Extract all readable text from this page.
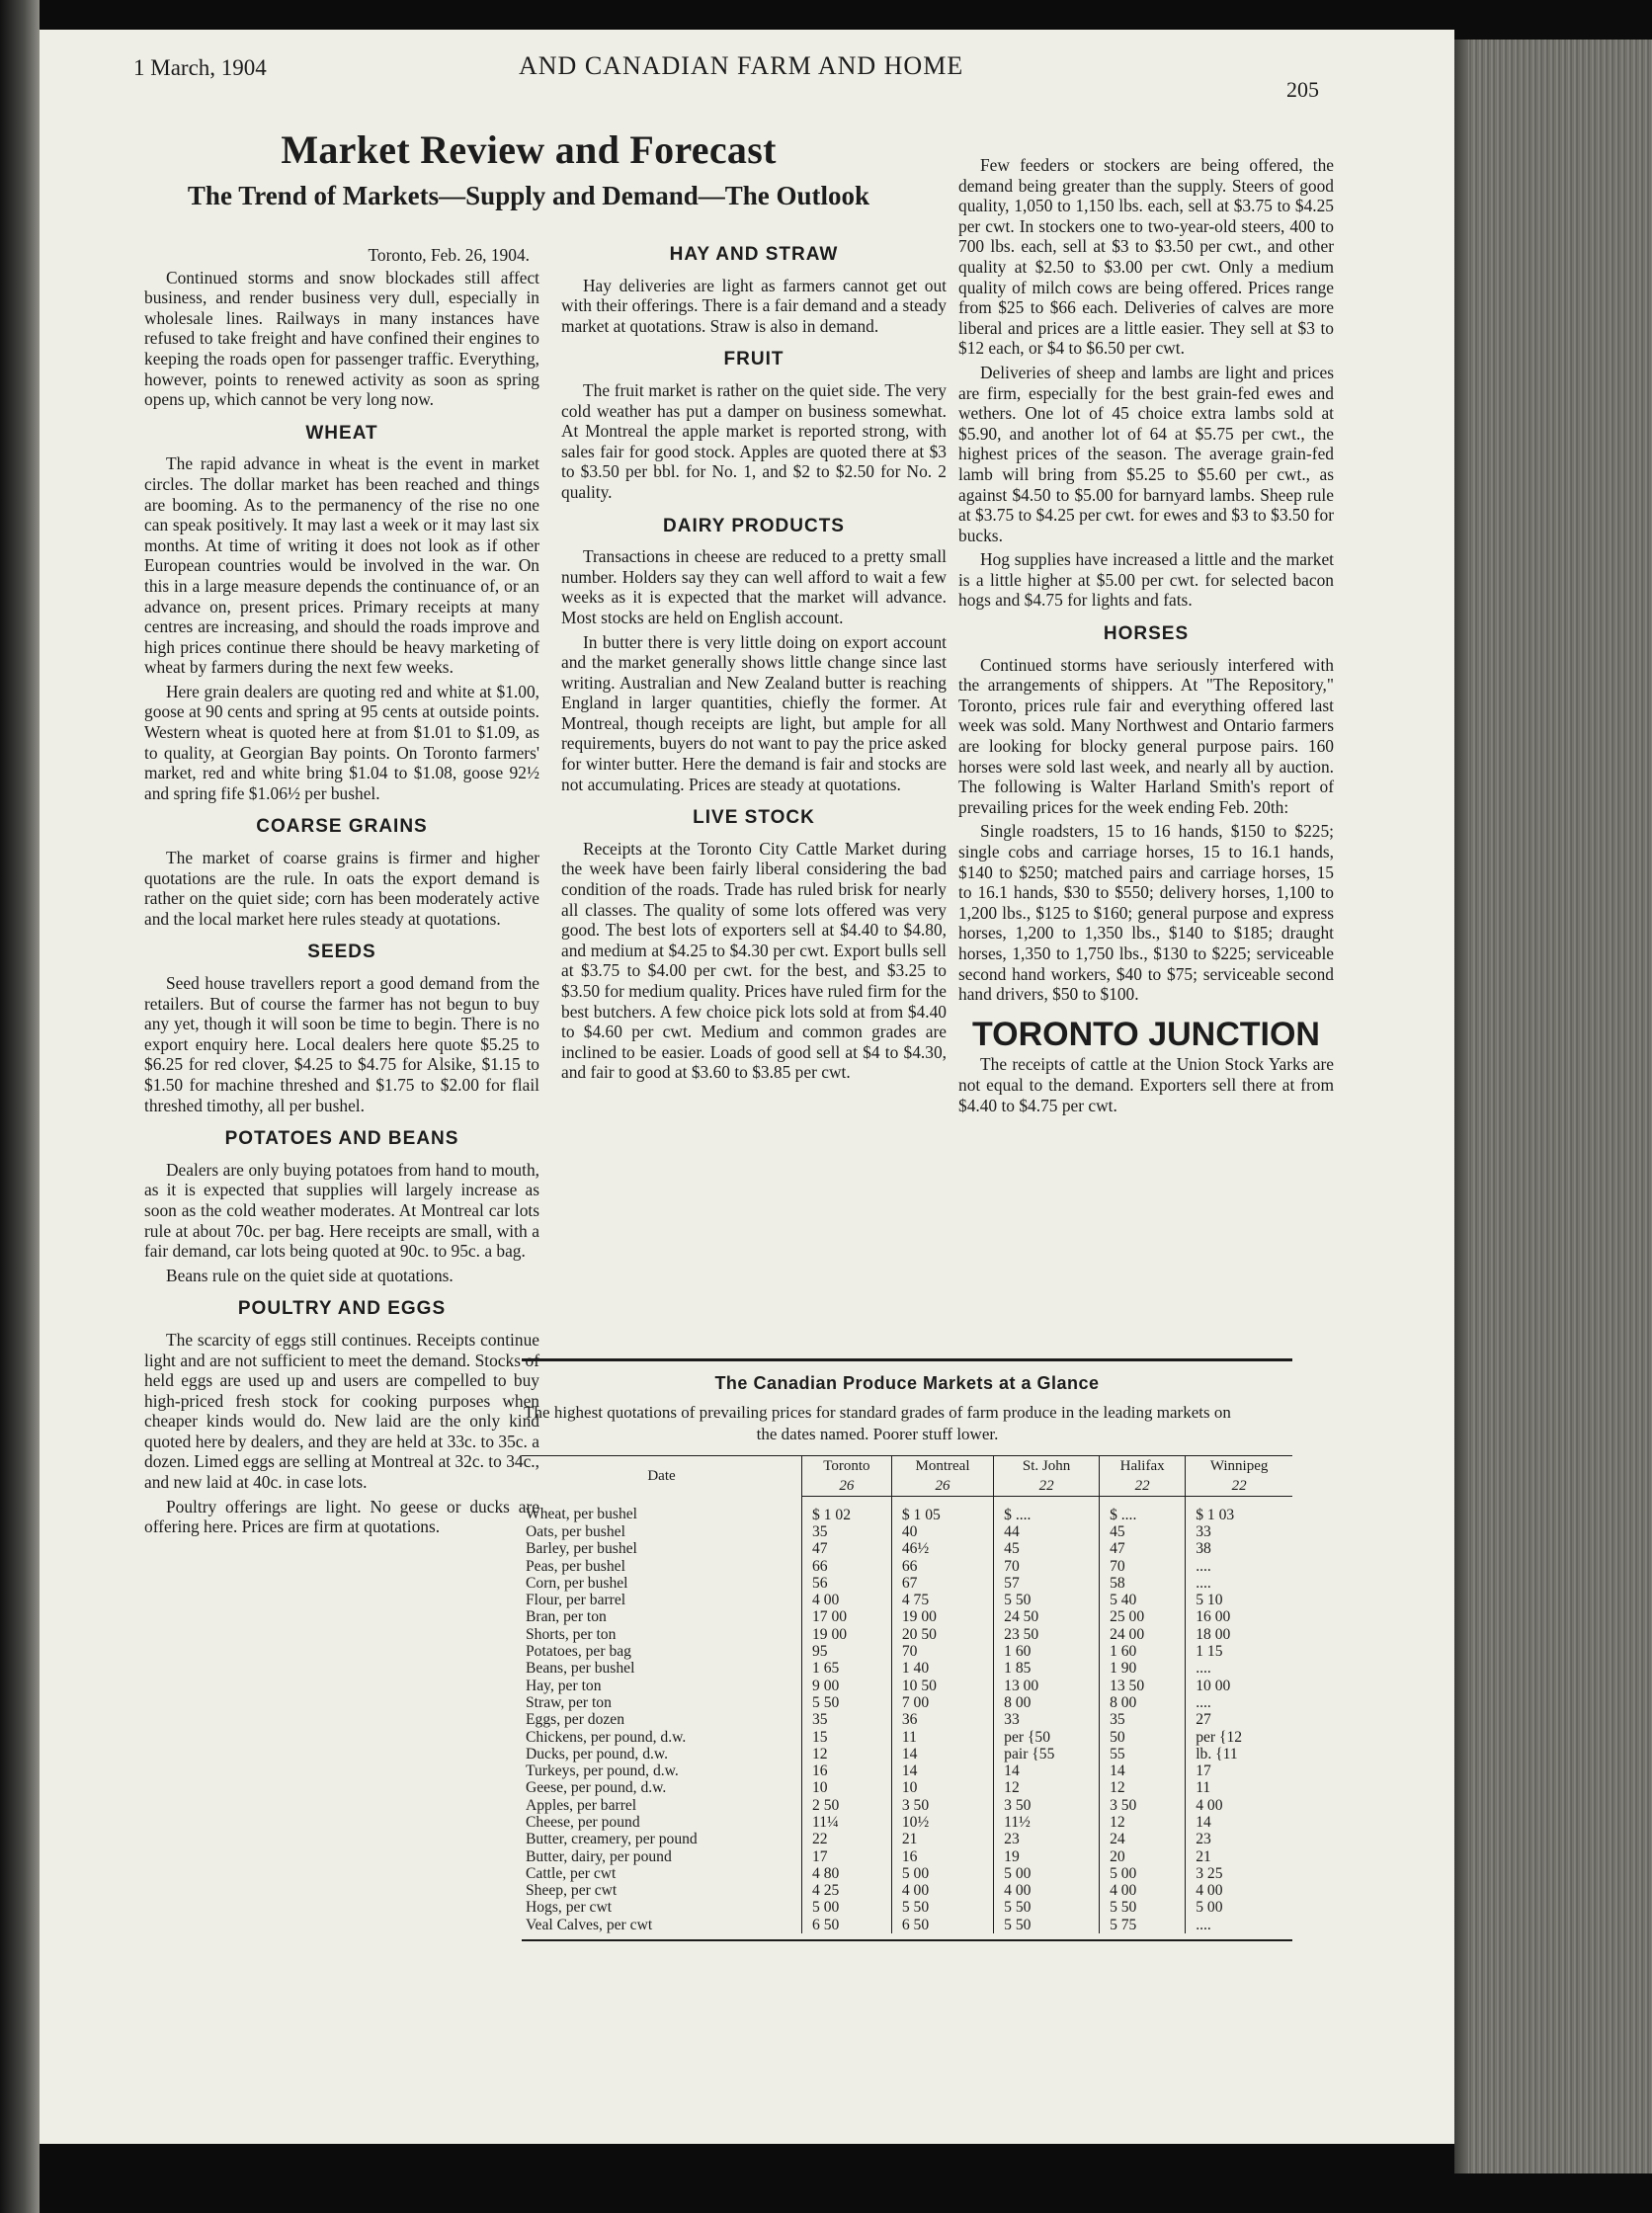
1 March, 1904	AND CANADIAN FARM AND HOME
205
Market Review and Forecast
The Trend of Markets—Supply and Demand—The Outlook

Toronto, Feb. 26, 1904.

Continued storms and snow blockades still affect business, and render business very dull, especially in wholesale lines. Railways in many instances have refused to take freight and have confined their engines to keeping the roads open for passenger traffic. Everything, however, points to renewed activity as soon as spring opens up, which cannot be very long now.

WHEAT

The rapid advance in wheat is the event in market circles. The dollar market has been reached and things are booming. As to the permanency of the rise no one can speak positively. It may last a week or it may last six months. At time of writing it does not look as if other European countries would be involved in the war. On this in a large measure depends the continuance of, or an advance on, present prices. Primary receipts at many centres are increasing, and should the roads improve and high prices continue there should be heavy marketing of wheat by farmers during the next few weeks.

Here grain dealers are quoting red and white at $1.00, goose at 90 cents and spring at 95 cents at outside points. Western wheat is quoted here at from $1.01 to $1.09, as to quality, at Georgian Bay points. On Toronto farmers' market, red and white bring $1.04 to $1.08, goose 92½ and spring fife $1.06½ per bushel.

COARSE GRAINS

The market of coarse grains is firmer and higher quotations are the rule. In oats the export demand is rather on the quiet side; corn has been moderately active and the local market here rules steady at quotations.

SEEDS

Seed house travellers report a good demand from the retailers. But of course the farmer has not begun to buy any yet, though it will soon be time to begin. There is no export enquiry here. Local dealers here quote $5.25 to $6.25 for red clover, $4.25 to $4.75 for Alsike, $1.15 to $1.50 for machine threshed and $1.75 to $2.00 for flail threshed timothy, all per bushel.

POTATOES AND BEANS

Dealers are only buying potatoes from hand to mouth, as it is expected that supplies will largely increase as soon as the cold weather moderates. At Montreal car lots rule at about 70c. per bag. Here receipts are small, with a fair demand, car lots being quoted at 90c. to 95c. a bag.

Beans rule on the quiet side at quotations.

POULTRY AND EGGS

The scarcity of eggs still continues. Receipts continue light and are not sufficient to meet the demand. Stocks of held eggs are used up and users are compelled to buy high-priced fresh stock for cooking purposes when cheaper kinds would do. New laid are the only kind quoted here by dealers, and they are held at 33c. to 35c. a dozen. Limed eggs are selling at Montreal at 32c. to 34c., and new laid at 40c. in case lots.

Poultry offerings are light. No geese or ducks are offering here. Prices are firm at quotations.

HAY AND STRAW

Hay deliveries are light as farmers cannot get out with their offerings. There is a fair demand and a steady market at quotations. Straw is also in demand.

FRUIT

The fruit market is rather on the quiet side. The very cold weather has put a damper on business somewhat. At Montreal the apple market is reported strong, with sales fair for good stock. Apples are quoted there at $3 to $3.50 per bbl. for No. 1, and $2 to $2.50 for No. 2 quality.

DAIRY PRODUCTS

Transactions in cheese are reduced to a pretty small number. Holders say they can well afford to wait a few weeks as it is expected that the market will advance. Most stocks are held on English account.

In butter there is very little doing on export account and the market generally shows little change since last writing. Australian and New Zealand butter is reaching England in larger quantities, chiefly the former. At Montreal, though receipts are light, but ample for all requirements, buyers do not want to pay the price asked for winter butter. Here the demand is fair and stocks are not accumulating. Prices are steady at quotations.

LIVE STOCK

Receipts at the Toronto City Cattle Market during the week have been fairly liberal considering the bad condition of the roads. Trade has ruled brisk for nearly all classes. The quality of some lots offered was very good. The best lots of exporters sell at $4.40 to $4.80, and medium at $4.25 to $4.30 per cwt. Export bulls sell at $3.75 to $4.00 per cwt. for the best, and $3.25 to $3.50 for medium quality. Prices have ruled firm for the best butchers. A few choice pick lots sold at from $4.40 to $4.60 per cwt. Medium and common grades are inclined to be easier. Loads of good sell at $4 to $4.30, and fair to good at $3.60 to $3.85 per cwt.

Few feeders or stockers are being offered, the demand being greater than the supply. Steers of good quality, 1,050 to 1,150 lbs. each, sell at $3.75 to $4.25 per cwt. In stockers one to two-year-old steers, 400 to 700 lbs. each, sell at $3 to $3.50 per cwt., and other quality at $2.50 to $3.00 per cwt. Only a medium quality of milch cows are being offered. Prices range from $25 to $66 each. Deliveries of calves are more liberal and prices are a little easier. They sell at $3 to $12 each, or $4 to $6.50 per cwt.

Deliveries of sheep and lambs are light and prices are firm, especially for the best grain-fed ewes and wethers. One lot of 45 choice extra lambs sold at $5.90, and another lot of 64 at $5.75 per cwt., the highest prices of the season. The average grain-fed lamb will bring from $5.25 to $5.60 per cwt., as against $4.50 to $5.00 for barnyard lambs. Sheep rule at $3.75 to $4.25 per cwt. for ewes and $3 to $3.50 for bucks.

Hog supplies have increased a little and the market is a little higher at $5.00 per cwt. for selected bacon hogs and $4.75 for lights and fats.

HORSES

Continued storms have seriously interfered with the arrangements of shippers. At "The Repository," Toronto, prices rule fair and everything offered last week was sold. Many Northwest and Ontario farmers are looking for blocky general purpose pairs. 160 horses were sold last week, and nearly all by auction. The following is Walter Harland Smith's report of prevailing prices for the week ending Feb. 20th:

Single roadsters, 15 to 16 hands, $150 to $225; single cobs and carriage horses, 15 to 16.1 hands, $140 to $250; matched pairs and carriage horses, 15 to 16.1 hands, $30 to $550; delivery horses, 1,100 to 1,200 lbs., $125 to $160; general purpose and express horses, 1,200 to 1,350 lbs., $140 to $185; draught horses, 1,350 to 1,750 lbs., $130 to $225; serviceable second hand workers, $40 to $75; serviceable second hand drivers, $50 to $100.

TORONTO JUNCTION

The receipts of cattle at the Union Stock Yarks are not equal to the demand. Exporters sell there at from $4.40 to $4.75 per cwt.

The Canadian Produce Markets at a Glance
The highest quotations of prevailing prices for standard grades of farm produce in the leading markets on the dates named. Poorer stuff lower.
Date	Toronto	Montreal	St. John	Halifax	Winnipeg
	26	26	22	22	22
Wheat, per bushel	$ 1 02	$ 1 05	$ ....	$ ....	$ 1 03
Oats, per bushel	35	40	44	45	33
Barley, per bushel	47	46½	45	47	38
Peas, per bushel	66	66	70	70	....
Corn, per bushel	56	67	57	58	....
Flour, per barrel	4 00	4 75	5 50	5 40	5 10
Bran, per ton	17 00	19 00	24 50	25 00	16 00
Shorts, per ton	19 00	20 50	23 50	24 00	18 00
Potatoes, per bag	95	70	1 60	1 60	1 15
Beans, per bushel	1 65	1 40	1 85	1 90	....
Hay, per ton	9 00	10 50	13 00	13 50	10 00
Straw, per ton	5 50	7 00	8 00	8 00	....
Eggs, per dozen	35	36	33	35	27
Chickens, per pound, d.w.	15	11	per {50	50	per {12
Ducks, per pound, d.w.	12	14	pair {55	55	lb. {11
Turkeys, per pound, d.w.	16	14	14	14	17
Geese, per pound, d.w.	10	10	12	12	11
Apples, per barrel	2 50	3 50	3 50	3 50	4 00
Cheese, per pound	11¼	10½	11½	12	14
Butter, creamery, per pound	22	21	23	24	23
Butter, dairy, per pound	17	16	19	20	21
Cattle, per cwt	4 80	5 00	5 00	5 00	3 25
Sheep, per cwt	4 25	4 00	4 00	4 00	4 00
Hogs, per cwt	5 00	5 50	5 50	5 50	5 00
Veal Calves, per cwt	6 50	6 50	5 50	5 75	....
